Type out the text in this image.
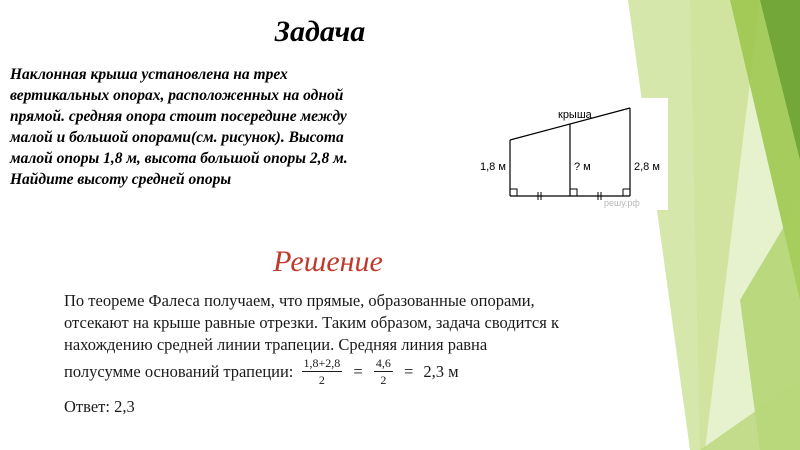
Задача
Наклонная крыша установлена на трех
вертикальных опорах, расположенных на одной
прямой. средняя опора стоит посередине между
малой и большой опорами(см. рисунок). Высота
малой опоры 1,8 м, высота большой опоры 2,8 м.
Найдите высоту средней опоры
крыша
1,8 м	? м	2,8 м
решу.рф
Решение
По теореме Фалеса получаем, что прямые, образованные опорами,
отсекают на крыше равные отрезки. Таким образом, задача сводится к
нахождению средней линии трапеции. Средняя линия равна
полусумме оснований трапеции: $\frac{1,8+2,8}{2} = \frac{4,6}{2} = 2,3$ м
Ответ: 2,3
